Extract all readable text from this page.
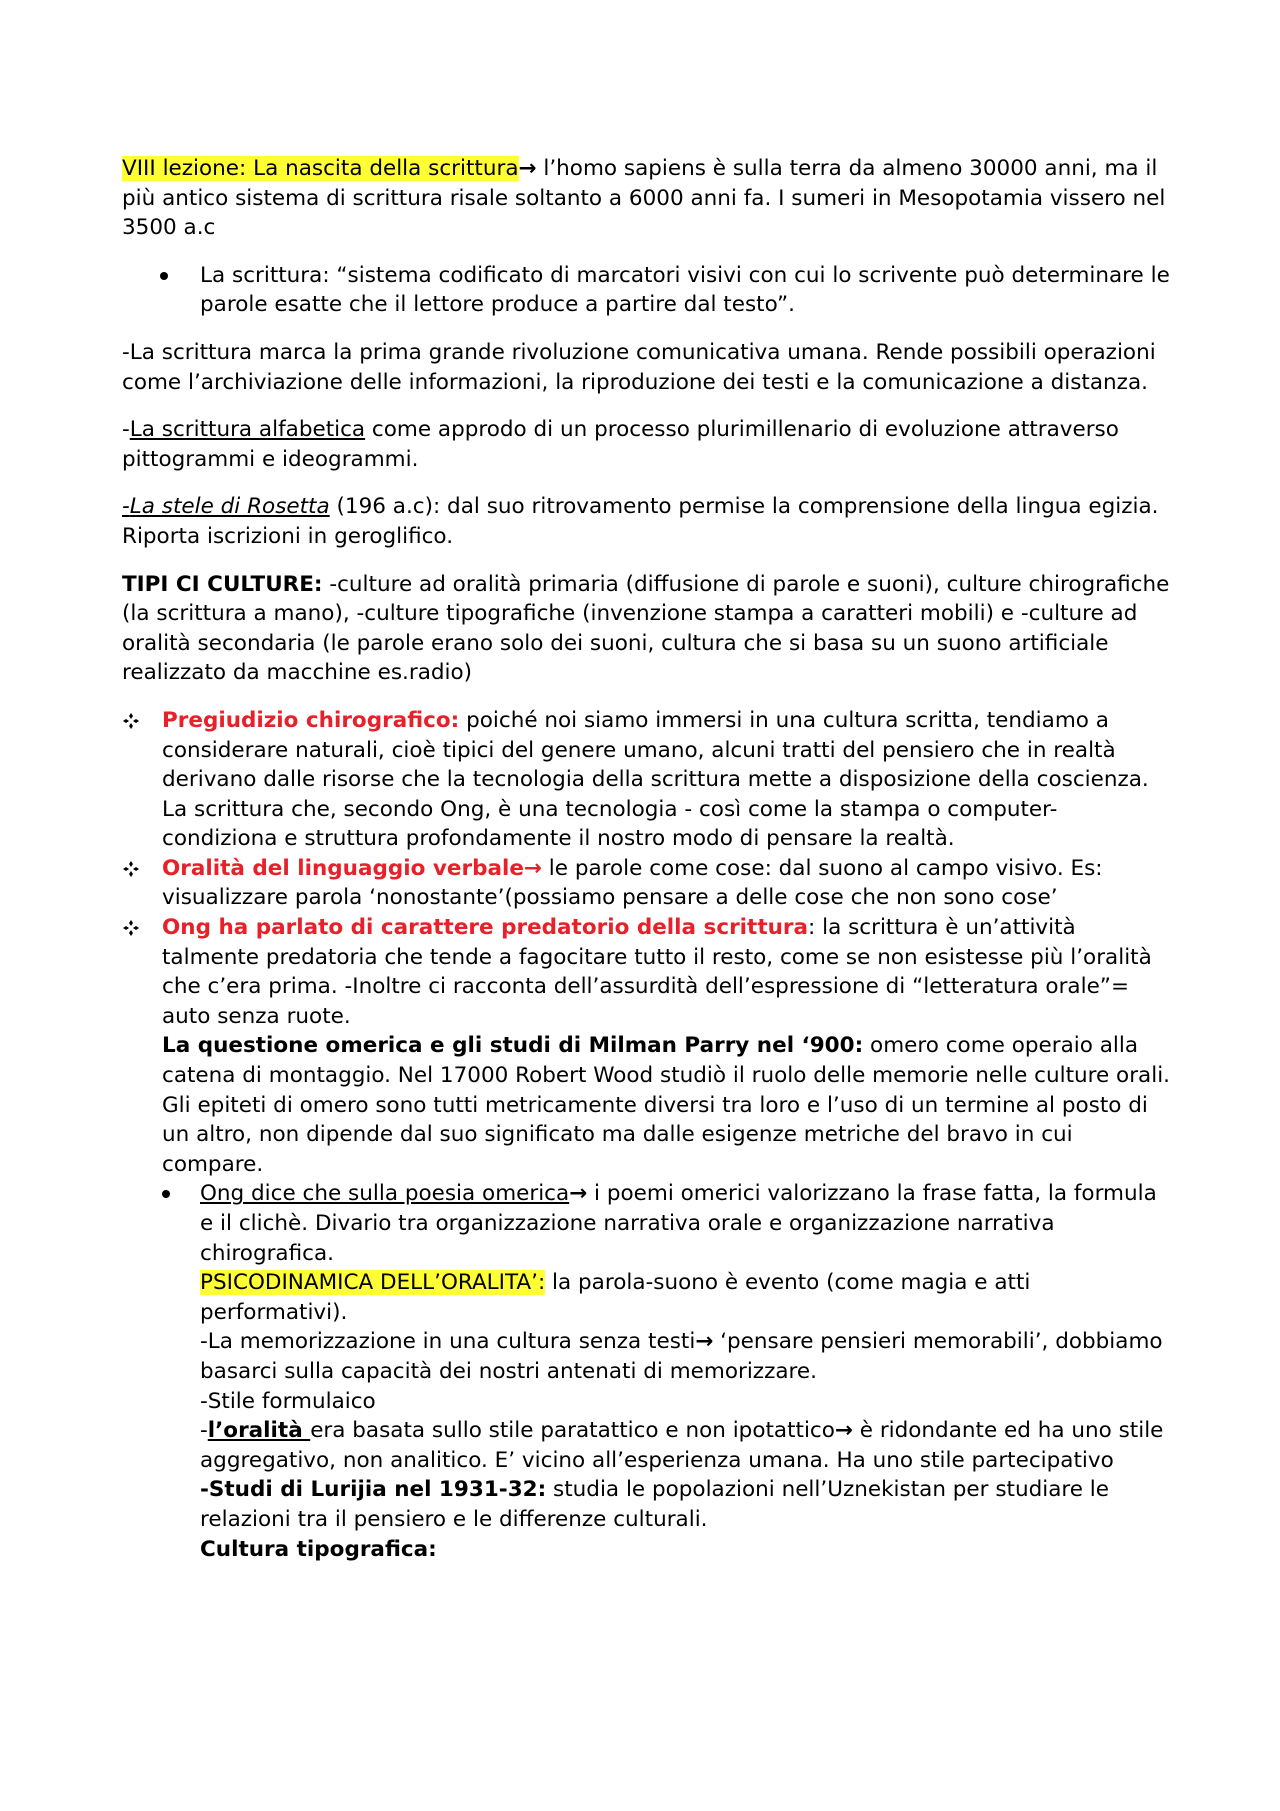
VIII lezione: La nascita della scrittura→ l’homo sapiens è sulla terra da almeno 30000 anni, ma il più antico sistema di scrittura risale soltanto a 6000 anni fa. I sumeri in Mesopotamia vissero nel 3500 a.c

La scrittura: “sistema codificato di marcatori visivi con cui lo scrivente può determinare le parole esatte che il lettore produce a partire dal testo”.

-La scrittura marca la prima grande rivoluzione comunicativa umana. Rende possibili operazioni come l’archiviazione delle informazioni, la riproduzione dei testi e la comunicazione a distanza.

-La scrittura alfabetica come approdo di un processo plurimillenario di evoluzione attraverso pittogrammi e ideogrammi.

-La stele di Rosetta (196 a.c): dal suo ritrovamento permise la comprensione della lingua egizia. Riporta iscrizioni in geroglifico.

TIPI CI CULTURE: -culture ad oralità primaria (diffusione di parole e suoni), culture chirografiche (la scrittura a mano), -culture tipografiche (invenzione stampa a caratteri mobili) e -culture ad oralità secondaria (le parole erano solo dei suoni, cultura che si basa su un suono artificiale realizzato da macchine es.radio)

Pregiudizio chirografico: poiché noi siamo immersi in una cultura scritta, tendiamo a considerare naturali, cioè tipici del genere umano, alcuni tratti del pensiero che in realtà derivano dalle risorse che la tecnologia della scrittura mette a disposizione della coscienza. La scrittura che, secondo Ong, è una tecnologia - così come la stampa o computer- condiziona e struttura profondamente il nostro modo di pensare la realtà.
Oralità del linguaggio verbale→ le parole come cose: dal suono al campo visivo. Es: visualizzare parola ‘nonostante’(possiamo pensare a delle cose che non sono cose’
Ong ha parlato di carattere predatorio della scrittura: la scrittura è un’attività talmente predatoria che tende a fagocitare tutto il resto, come se non esistesse più l’oralità che c’era prima. -Inoltre ci racconta dell’assurdità dell’espressione di “letteratura orale”= auto senza ruote.
La questione omerica e gli studi di Milman Parry nel ‘900: omero come operaio alla catena di montaggio. Nel 17000 Robert Wood studiò il ruolo delle memorie nelle culture orali. Gli epiteti di omero sono tutti metricamente diversi tra loro e l’uso di un termine al posto di un altro, non dipende dal suo significato ma dalle esigenze metriche del bravo in cui compare.
Ong dice che sulla poesia omerica→ i poemi omerici valorizzano la frase fatta, la formula e il clichè. Divario tra organizzazione narrativa orale e organizzazione narrativa chirografica.
PSICODINAMICA DELL’ORALITA’: la parola-suono è evento (come magia e atti performativi).
-La memorizzazione in una cultura senza testi→ ‘pensare pensieri memorabili’, dobbiamo basarci sulla capacità dei nostri antenati di memorizzare.
-Stile formulaico
-l’oralità era basata sullo stile paratattico e non ipotattico→ è ridondante ed ha uno stile aggregativo, non analitico. E’ vicino all’esperienza umana. Ha uno stile partecipativo
-Studi di Lurijia nel 1931-32: studia le popolazioni nell’Uznekistan per studiare le relazioni tra il pensiero e le differenze culturali.
Cultura tipografica:
